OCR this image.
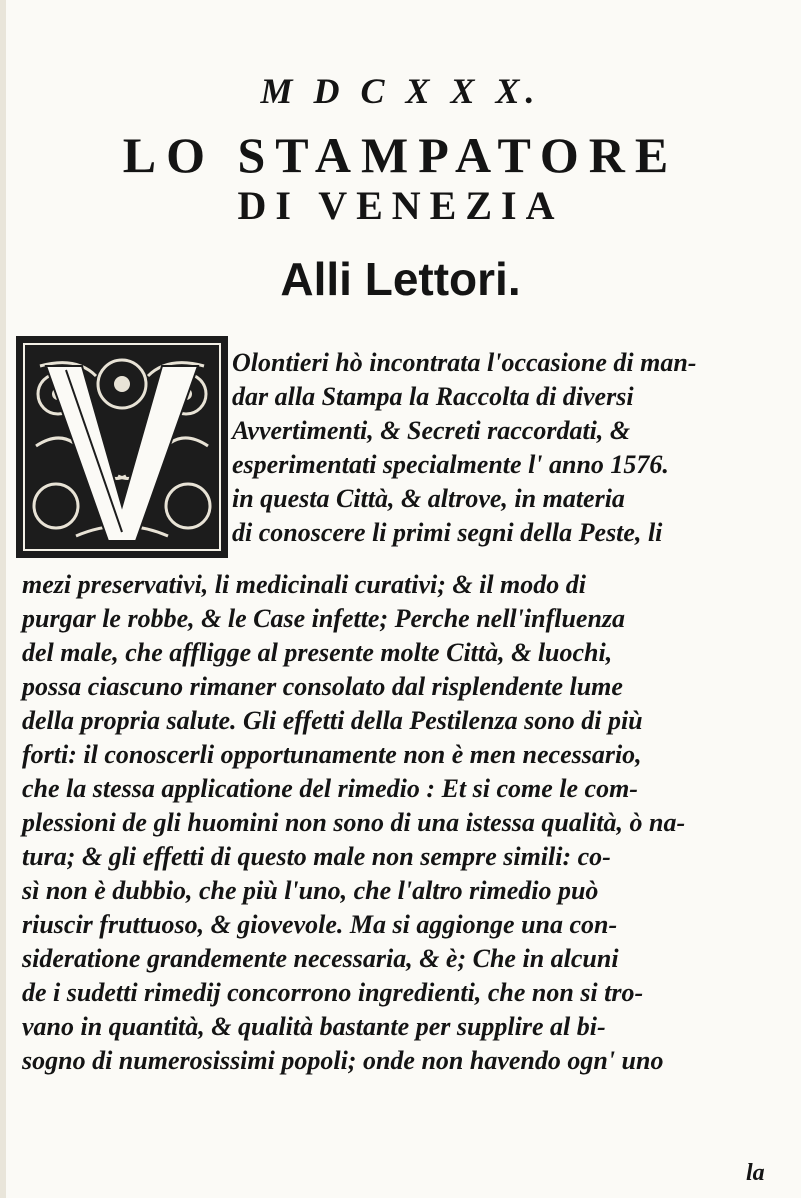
M D C X X X.
LO STAMPATORE
DI VENEZIA
Alli Lettori.
Olontieri hò incontrata l'occasione di man-
dar alla Stampa la Raccolta di diversi
Avvertimenti, & Secreti raccordati, &
esperimentati specialmente l' anno 1576.
in questa Città, & altrove, in materia
di conoscere li primi segni della Peste, li
mezi preservativi, li medicinali curativi; & il modo di
purgar le robbe, & le Case infette; Perche nell'influenza
del male, che affligge al presente molte Città, & luochi,
possa ciascuno rimaner consolato dal risplendente lume
della propria salute. Gli effetti della Pestilenza sono di più
forti: il conoscerli opportunamente non è men necessario,
che la stessa applicatione del rimedio : Et si come le com-
plessioni de gli huomini non sono di una istessa qualità, ò na-
tura; & gli effetti di questo male non sempre simili: co-
sì non è dubbio, che più l'uno, che l'altro rimedio può
riuscir fruttuoso, & giovevole. Ma si aggionge una con-
sideratione grandemente necessaria, & è; Che in alcuni
de i sudetti rimedij concorrono ingredienti, che non si tro-
vano in quantità, & qualità bastante per supplire al bi-
sogno di numerosissimi popoli; onde non havendo ogn' uno
la
